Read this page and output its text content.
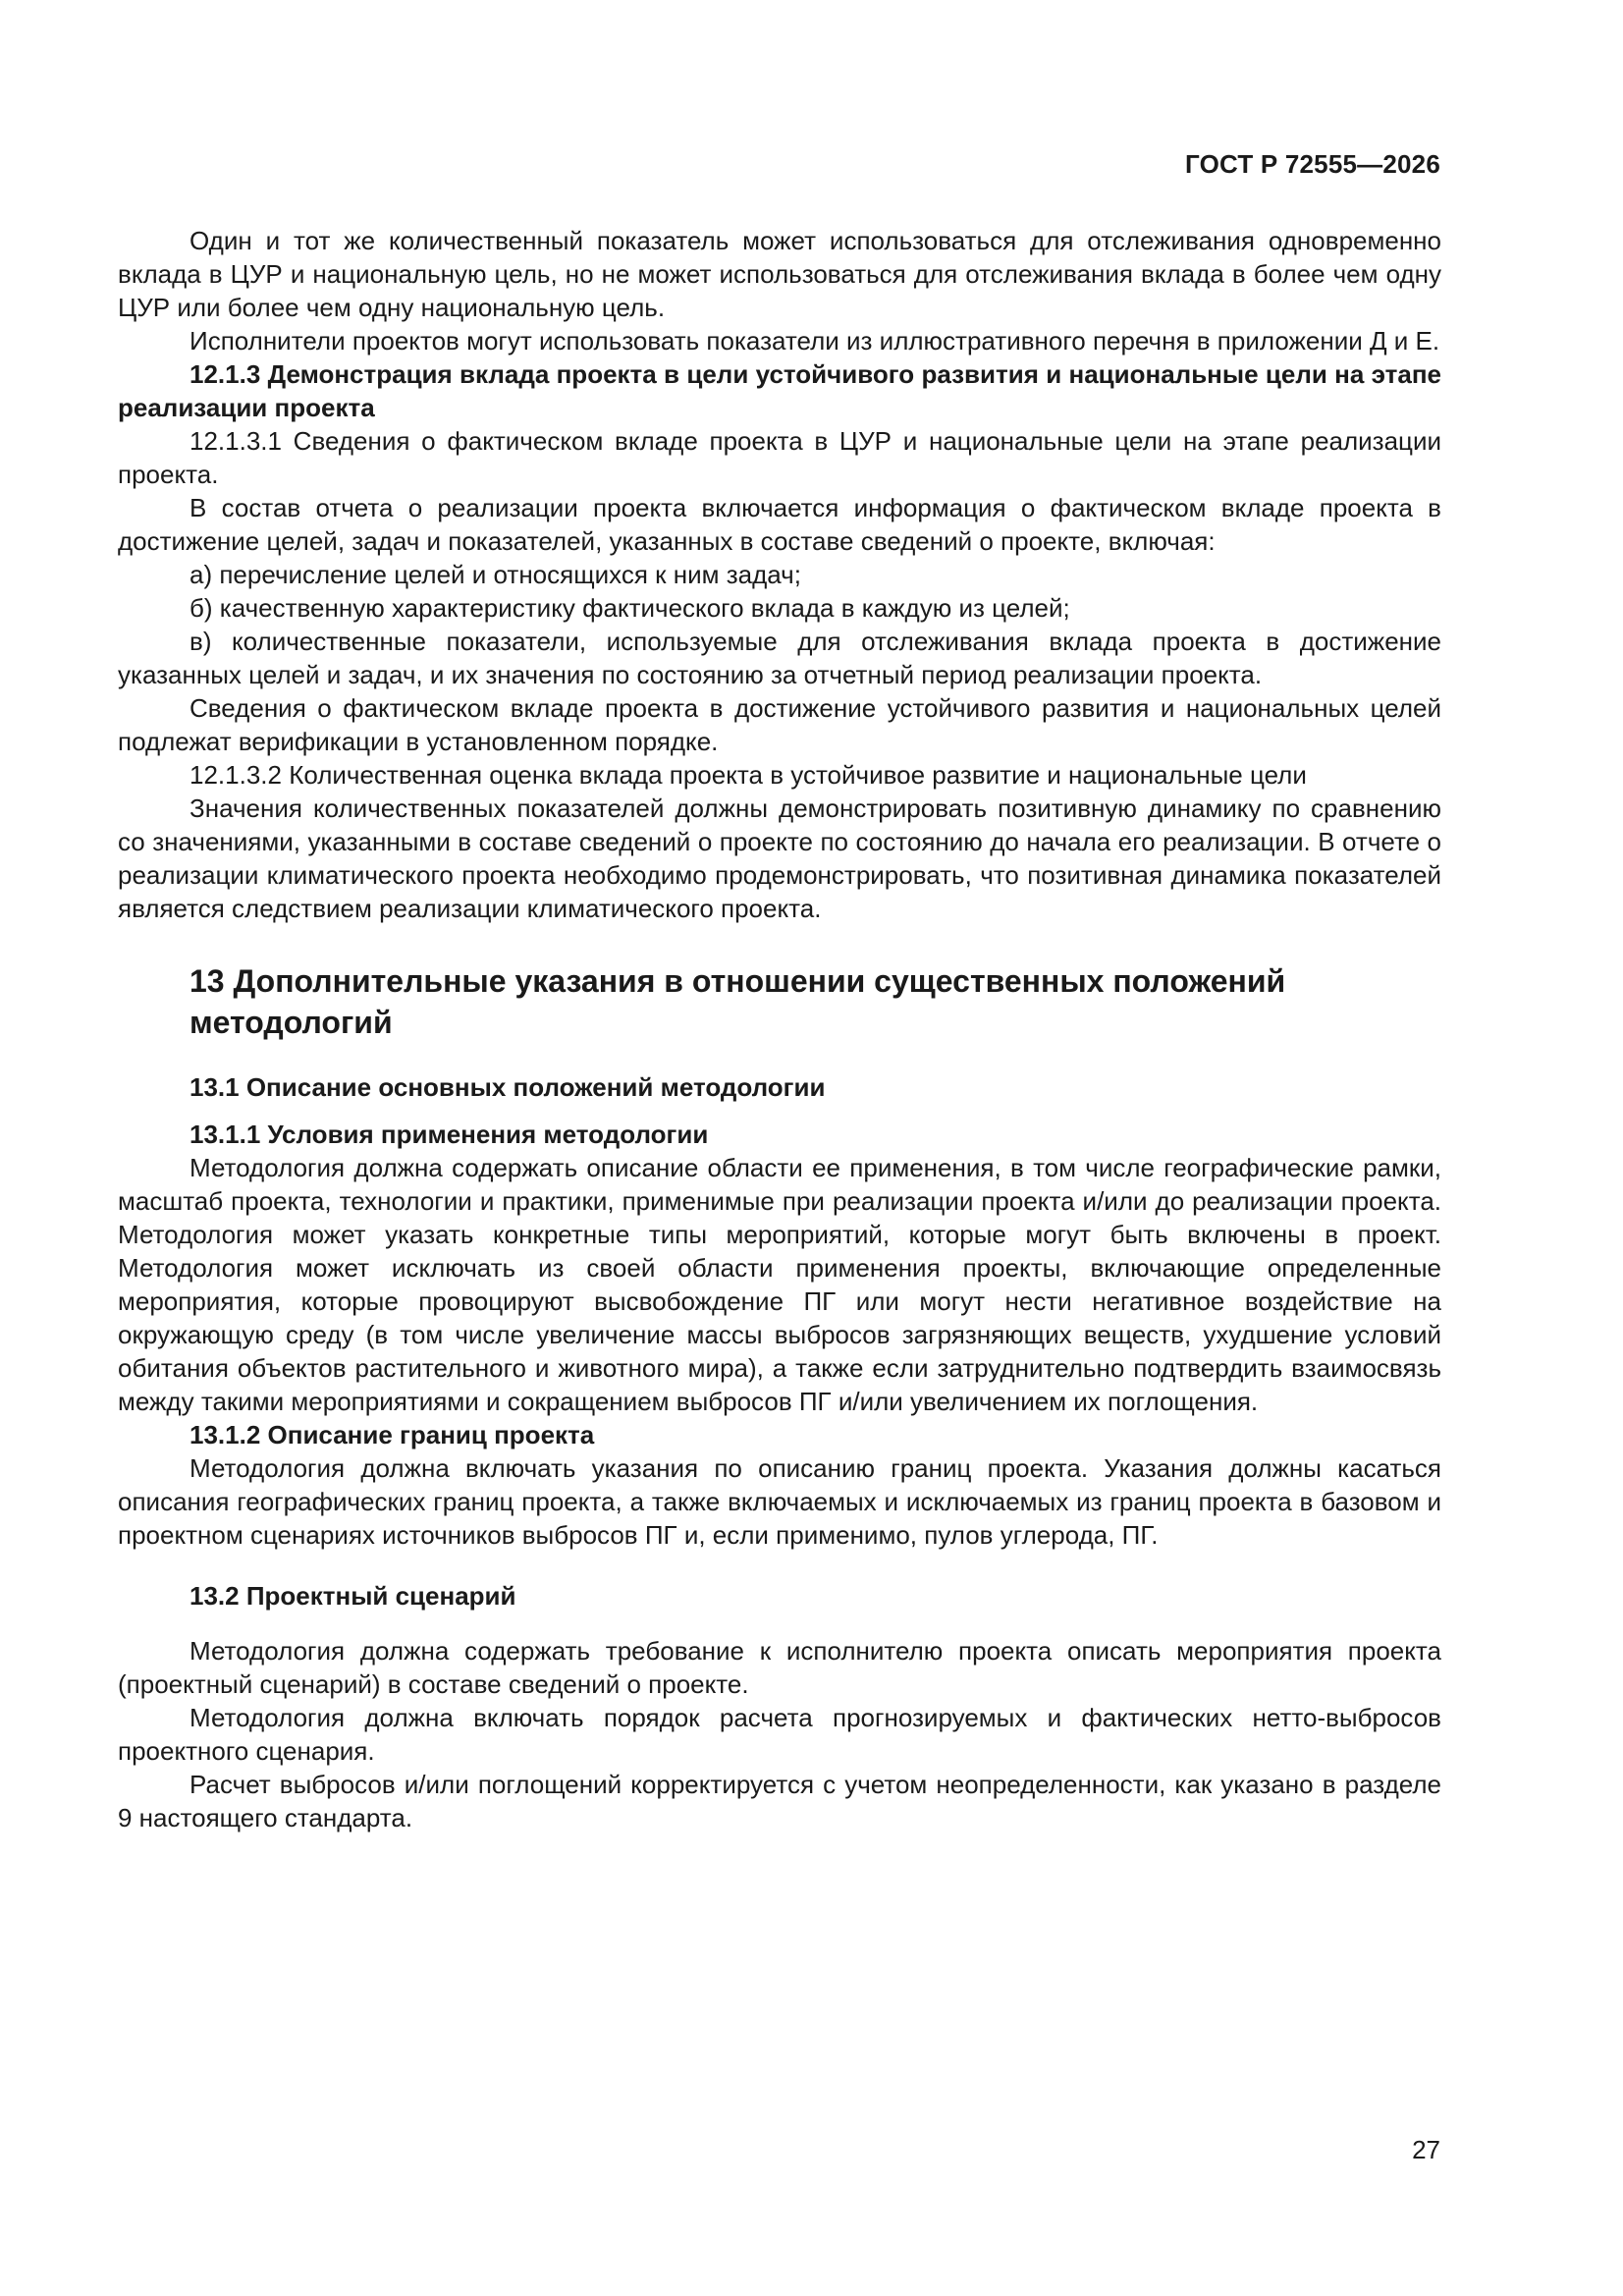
ГОСТ Р 72555—2026

Один и тот же количественный показатель может использоваться для отслеживания одновременно вклада в ЦУР и национальную цель, но не может использоваться для отслеживания вклада в более чем одну ЦУР или более чем одну национальную цель.

Исполнители проектов могут использовать показатели из иллюстративного перечня в приложении Д и Е.

12.1.3 Демонстрация вклада проекта в цели устойчивого развития и национальные цели на этапе реализации проекта

12.1.3.1 Сведения о фактическом вкладе проекта в ЦУР и национальные цели на этапе реализации проекта.

В состав отчета о реализации проекта включается информация о фактическом вкладе проекта в достижение целей, задач и показателей, указанных в составе сведений о проекте, включая:

а) перечисление целей и относящихся к ним задач;

б) качественную характеристику фактического вклада в каждую из целей;

в) количественные показатели, используемые для отслеживания вклада проекта в достижение указанных целей и задач, и их значения по состоянию за отчетный период реализации проекта.

Сведения о фактическом вкладе проекта в достижение устойчивого развития и национальных целей подлежат верификации в установленном порядке.

12.1.3.2 Количественная оценка вклада проекта в устойчивое развитие и национальные цели

Значения количественных показателей должны демонстрировать позитивную динамику по сравнению со значениями, указанными в составе сведений о проекте по состоянию до начала его реализации. В отчете о реализации климатического проекта необходимо продемонстрировать, что позитивная динамика показателей является следствием реализации климатического проекта.

13 Дополнительные указания в отношении существенных положений методологий
13.1 Описание основных положений методологии
13.1.1 Условия применения методологии

Методология должна содержать описание области ее применения, в том числе географические рамки, масштаб проекта, технологии и практики, применимые при реализации проекта и/или до реализации проекта. Методология может указать конкретные типы мероприятий, которые могут быть включены в проект. Методология может исключать из своей области применения проекты, включающие определенные мероприятия, которые провоцируют высвобождение ПГ или могут нести негативное воздействие на окружающую среду (в том числе увеличение массы выбросов загрязняющих веществ, ухудшение условий обитания объектов растительного и животного мира), а также если затруднительно подтвердить взаимосвязь между такими мероприятиями и сокращением выбросов ПГ и/или увеличением их поглощения.

13.1.2 Описание границ проекта

Методология должна включать указания по описанию границ проекта. Указания должны касаться описания географических границ проекта, а также включаемых и исключаемых из границ проекта в базовом и проектном сценариях источников выбросов ПГ и, если применимо, пулов углерода, ПГ.

13.2 Проектный сценарий

Методология должна содержать требование к исполнителю проекта описать мероприятия проекта (проектный сценарий) в составе сведений о проекте.

Методология должна включать порядок расчета прогнозируемых и фактических нетто-выбросов проектного сценария.

Расчет выбросов и/или поглощений корректируется с учетом неопределенности, как указано в разделе 9 настоящего стандарта.

27
